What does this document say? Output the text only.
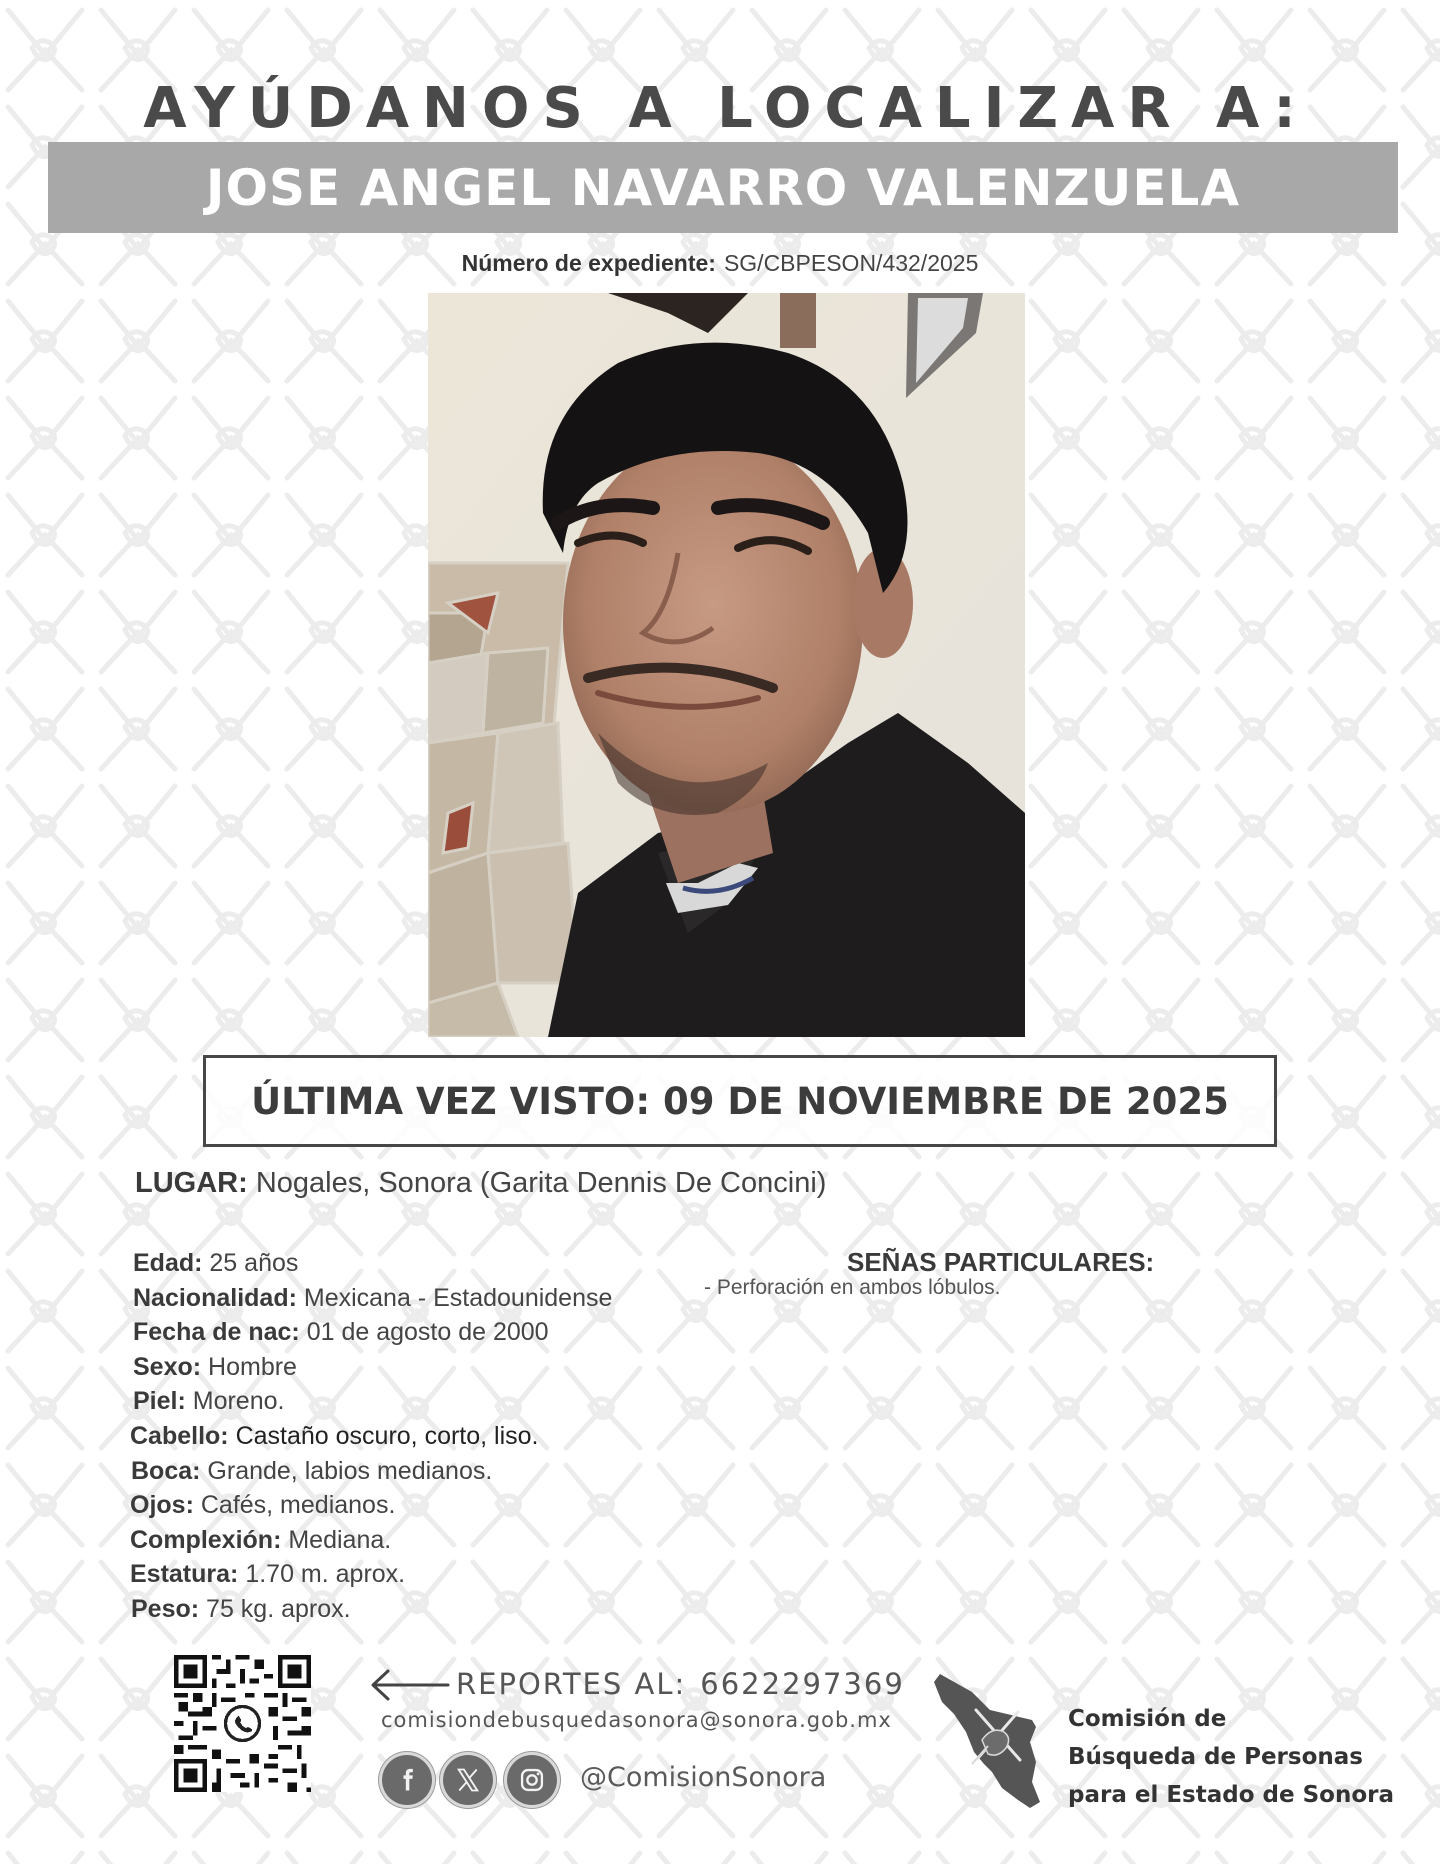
AYÚDANOS A LOCALIZAR A:
JOSE ANGEL NAVARRO VALENZUELA
Número de expediente: SG/CBPESON/432/2025
ÚLTIMA VEZ VISTO: 09 DE NOVIEMBRE DE 2025
LUGAR: Nogales, Sonora (Garita Dennis De Concini)
Edad: 25 años
Nacionalidad: Mexicana - Estadounidense
Fecha de nac: 01 de agosto de 2000
Sexo: Hombre
Piel: Moreno.
Cabello: Castaño oscuro, corto, liso.
Boca: Grande, labios medianos.
Ojos: Cafés, medianos.
Complexión: Mediana.
Estatura: 1.70 m. aprox.
Peso: 75 kg. aprox.
SEÑAS PARTICULARES:
- Perforación en ambos lóbulos.
REPORTES AL: 6622297369
comisiondebusquedasonora@sonora.gob.mx
@ComisionSonora
Comisión de
Búsqueda de Personas
para el Estado de Sonora
